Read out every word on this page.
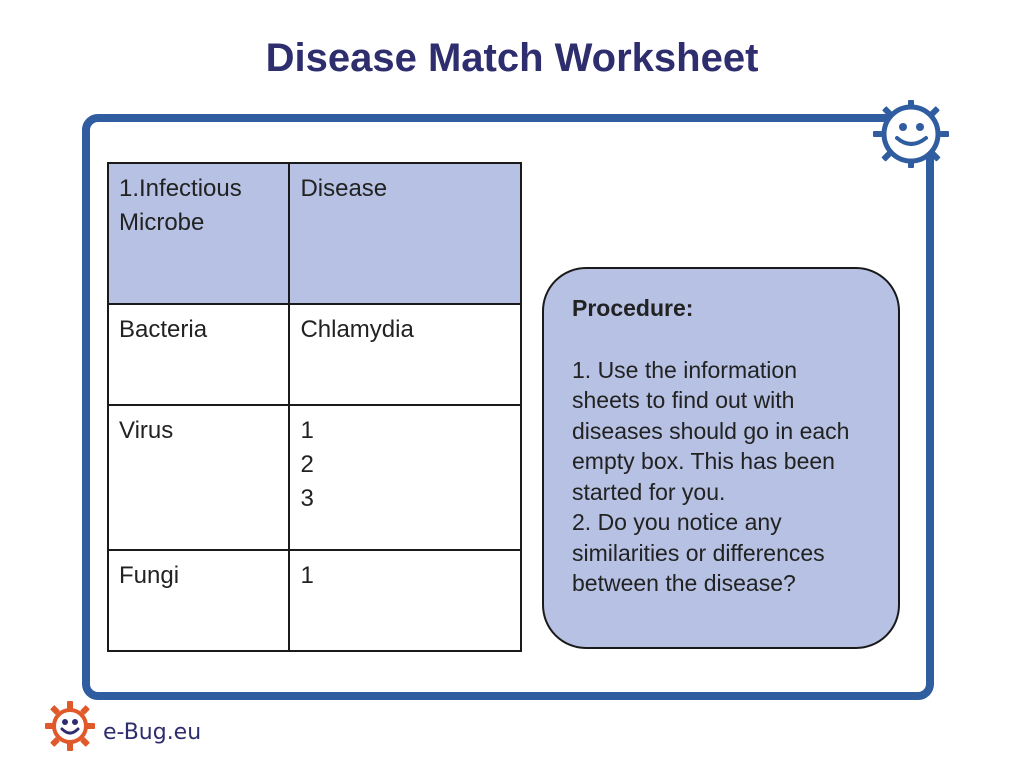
Disease Match Worksheet
1.Infectious Microbe	Disease
Bacteria	Chlamydia

Virus	1
2
3

Fungi	1
Procedure:
1. Use the information sheets to find out with diseases should go in each empty box. This has been started for you.
2. Do you notice any similarities or differences between the disease?
e-Bug.eu
